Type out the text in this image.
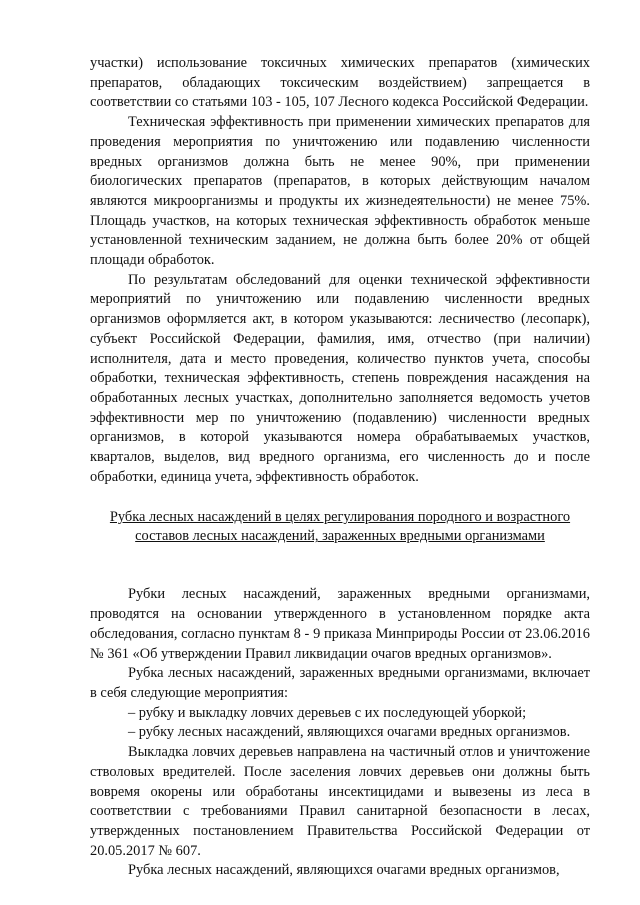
участки) использование токсичных химических препаратов (химических препаратов, обладающих токсическим воздействием) запрещается в соответствии со статьями 103 - 105, 107 Лесного кодекса Российской Федерации.

Техническая эффективность при применении химических препаратов для проведения мероприятия по уничтожению или подавлению численности вредных организмов должна быть не менее 90%, при применении биологических препаратов (препаратов, в которых действующим началом являются микроорганизмы и продукты их жизнедеятельности) не менее 75%. Площадь участков, на которых техническая эффективность обработок меньше установленной техническим заданием, не должна быть более 20% от общей площади обработок.

По результатам обследований для оценки технической эффективности мероприятий по уничтожению или подавлению численности вредных организмов оформляется акт, в котором указываются: лесничество (лесопарк), субъект Российской Федерации, фамилия, имя, отчество (при наличии) исполнителя, дата и место проведения, количество пунктов учета, способы обработки, техническая эффективность, степень повреждения насаждения на обработанных лесных участках, дополнительно заполняется ведомость учетов эффективности мер по уничтожению (подавлению) численности вредных организмов, в которой указываются номера обрабатываемых участков, кварталов, выделов, вид вредного организма, его численность до и после обработки, единица учета, эффективность обработок.

Рубка лесных насаждений в целях регулирования породного и возрастного составов лесных насаждений, зараженных вредными организмами

Рубки лесных насаждений, зараженных вредными организмами, проводятся на основании утвержденного в установленном порядке акта обследования, согласно пунктам 8 - 9 приказа Минприроды России от 23.06.2016 № 361 «Об утверждении Правил ликвидации очагов вредных организмов».

Рубка лесных насаждений, зараженных вредными организмами, включает в себя следующие мероприятия:

– рубку и выкладку ловчих деревьев с их последующей уборкой;

– рубку лесных насаждений, являющихся очагами вредных организмов.

Выкладка ловчих деревьев направлена на частичный отлов и уничтожение стволовых вредителей. После заселения ловчих деревьев они должны быть вовремя окорены или обработаны инсектицидами и вывезены из леса в соответствии с требованиями Правил санитарной безопасности в лесах, утвержденных постановлением Правительства Российской Федерации от 20.05.2017 № 607.

Рубка лесных насаждений, являющихся очагами вредных организмов,
